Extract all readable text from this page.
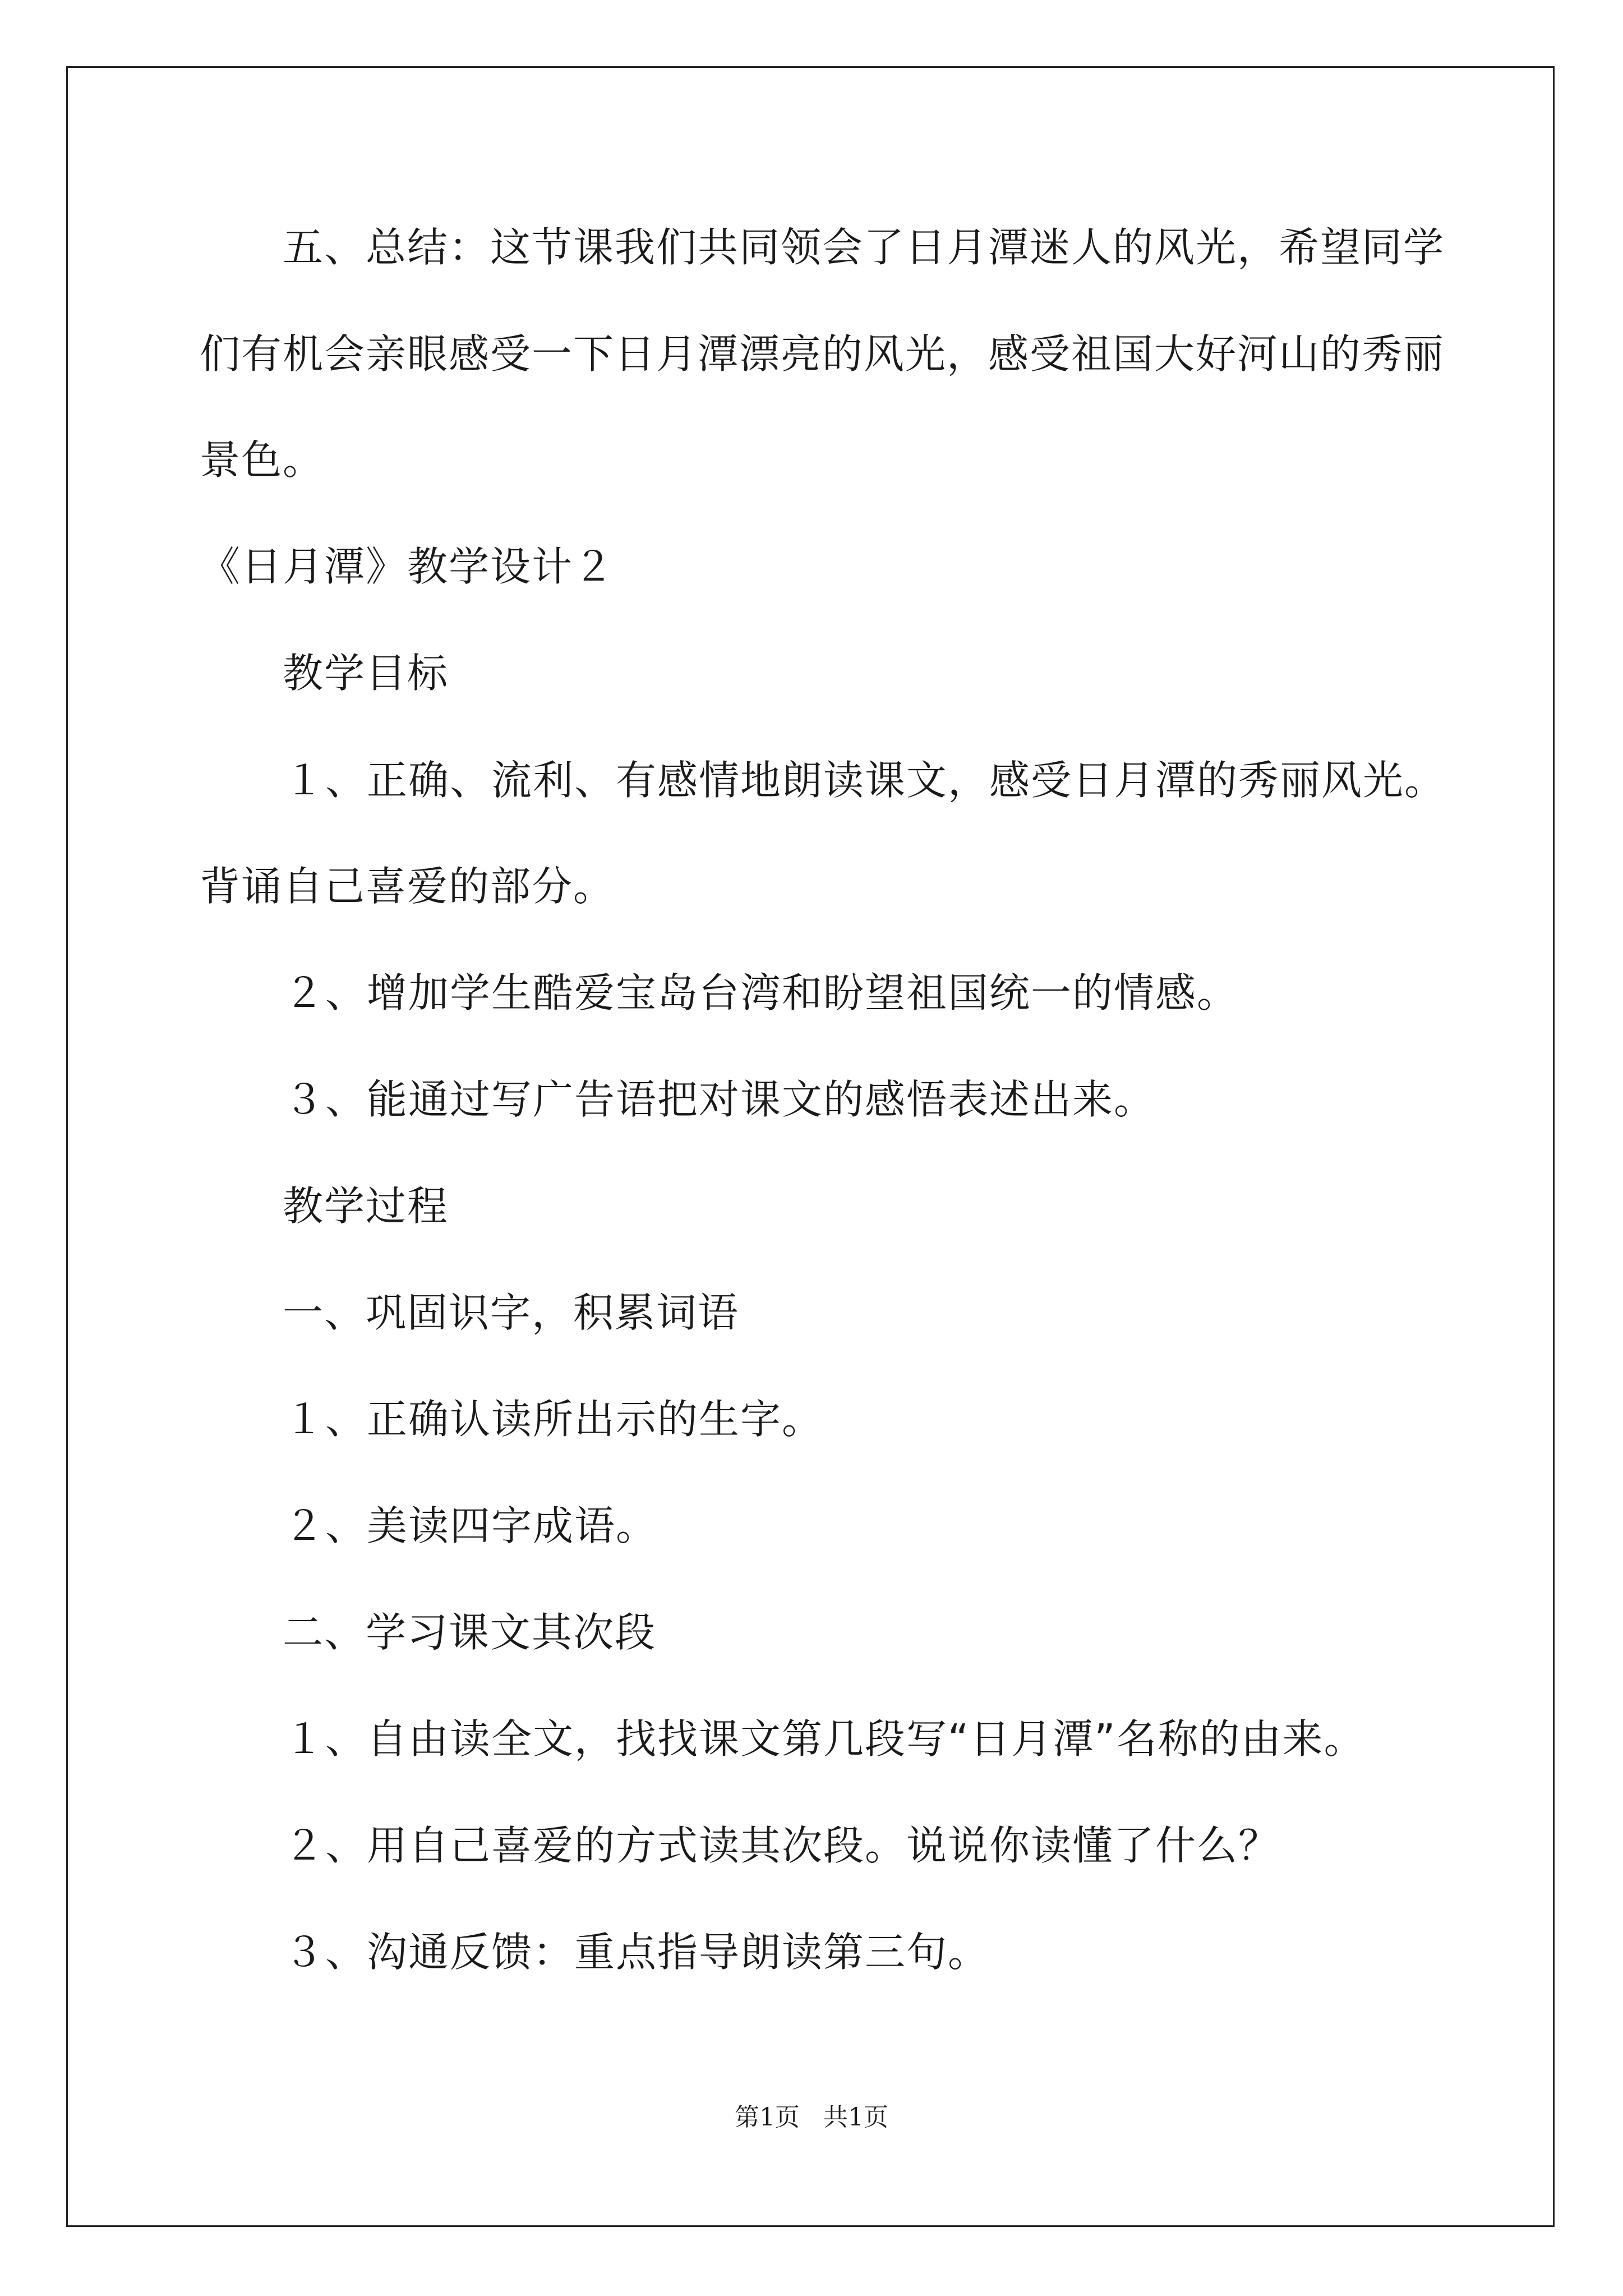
五、总结：这节课我们共同领会了日月潭迷人的风光，希望同学
们有机会亲眼感受一下日月潭漂亮的风光，感受祖国大好河山的秀丽
景色。
《日月潭》教学设计２
教学目标
１、正确、流利、有感情地朗读课文，感受日月潭的秀丽风光。
背诵自己喜爱的部分。
２、增加学生酷爱宝岛台湾和盼望祖国统一的情感。
３、能通过写广告语把对课文的感悟表述出来。
教学过程
一、巩固识字，积累词语
１、正确认读所出示的生字。
２、美读四字成语。
二、学习课文其次段
１、自由读全文，找找课文第几段写“日月潭”名称的由来。
２、用自己喜爱的方式读其次段。说说你读懂了什么？
３、沟通反馈：重点指导朗读第三句。
第1页 共1页
